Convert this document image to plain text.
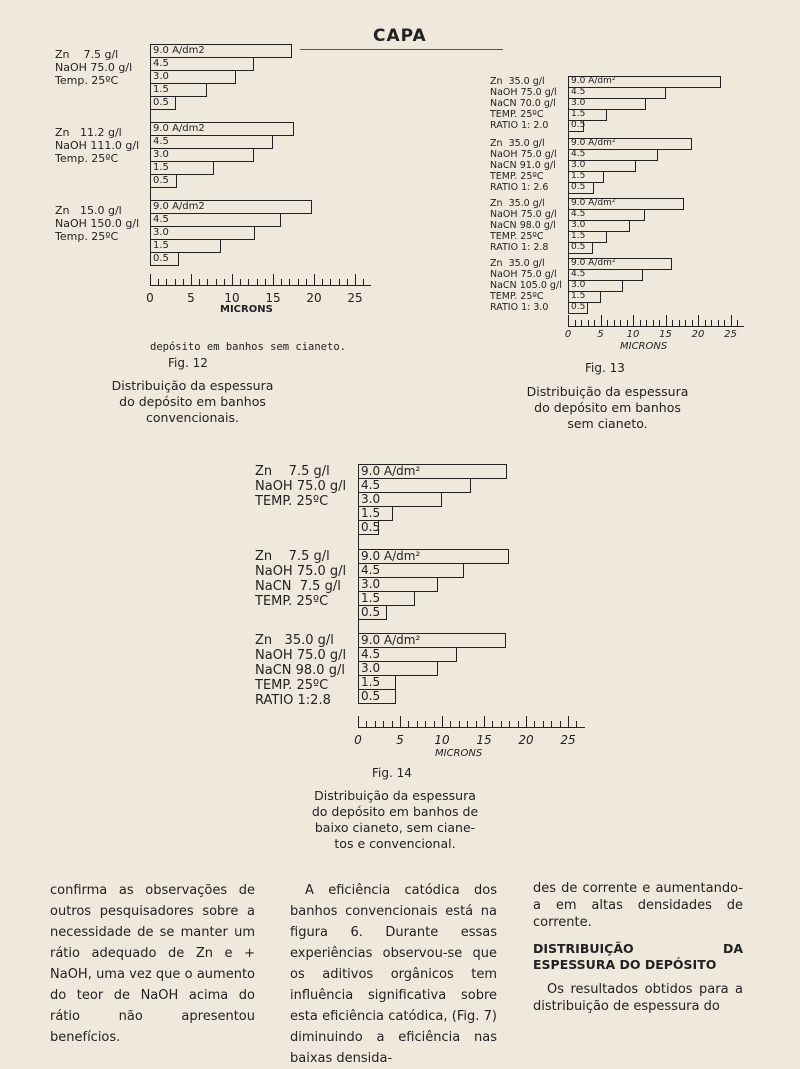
CAPA
depósito em banhos sem cianeto.
Fig. 12
Distribuição da espessura
do depósito em banhos
convencionais.
Fig. 13
Distribuição da espessura
do depósito em banhos
sem cianeto.
Fig. 14
Distribuição da espessura
do depósito em banhos de
baixo cianeto, sem ciane-
tos e convencional.

confirma as observações de outros pesquisadores sobre a necessidade de se manter um rátio adequado de Zn e + NaOH, uma vez que o aumento do teor de NaOH acima do rátio não apresentou benefícios.

A eficiência catódica dos banhos convencionais está na figura 6. Durante essas experiências observou-se que os aditivos orgânicos tem influência significativa sobre esta eficiência catódica, (Fig. 7) diminuindo a eficiência nas baixas densida-

des de corrente e aumentando-a em altas densidades de corrente.

DISTRIBUIÇÃO DA ESPESSURA DO DEPÓSITO

Os resultados obtidos para a distribuição de espessura do

Zn    7.5 g/l
NaOH 75.0 g/l
Temp. 25ºC
9.0 A/dm2
4.5
3.0
1.5
0.5
Zn   11.2 g/l
NaOH 111.0 g/l
Temp. 25ºC
9.0 A/dm2
4.5
3.0
1.5
0.5
Zn   15.0 g/l
NaOH 150.0 g/l
Temp. 25ºC
9.0 A/dm2
4.5
3.0
1.5
0.5
0	5 10 15 20 25
MICRONS
Zn  35.0 g/l
NaOH 75.0 g/l
NaCN 70.0 g/l
TEMP. 25ºC
RATIO 1: 2.0
9.0 A/dm²
4.5
3.0
1.5
0.5
Zn  35.0 g/l
NaOH 75.0 g/l
NaCN 91.0 g/l
TEMP. 25ºC
RATIO 1: 2.6
9.0 A/dm²
4.5
3.0
1.5
0.5
Zn  35.0 g/l
NaOH 75.0 g/l
NaCN 98.0 g/l
TEMP. 25ºC
RATIO 1: 2.8
9.0 A/dm²
4.5
3.0
1.5
0.5
Zn  35.0 g/l
NaOH 75.0 g/l
NaCN 105.0 g/l
TEMP. 25ºC
RATIO 1: 3.0
9.0 A/dm²
4.5
3.0
1.5
0.5
0	5 10 15 20 25
MICRONS
Zn    7.5 g/l
NaOH 75.0 g/l
TEMP. 25ºC
9.0 A/dm²
4.5
3.0
1.5
0.5
Zn    7.5 g/l
NaOH 75.0 g/l
NaCN  7.5 g/l
TEMP. 25ºC
9.0 A/dm²
4.5
3.0
1.5
0.5
Zn   35.0 g/l
NaOH 75.0 g/l
NaCN 98.0 g/l
TEMP. 25ºC
RATIO 1:2.8
9.0 A/dm²
4.5
3.0
1.5
0.5
0	5	10 15 20 25
MICRONS
